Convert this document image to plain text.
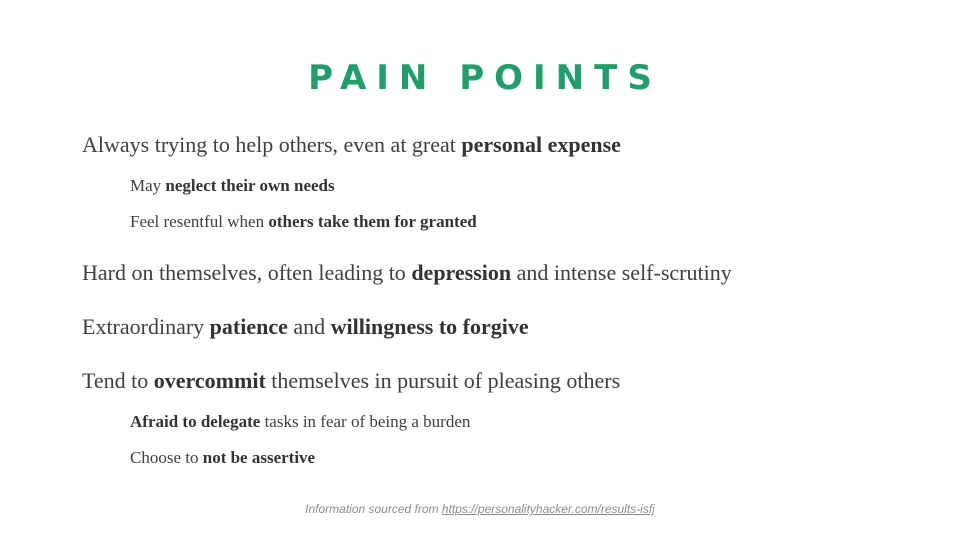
PAIN POINTS

Always trying to help others, even at great personal expense

May neglect their own needs

Feel resentful when others take them for granted

Hard on themselves, often leading to depression and intense self-scrutiny

Extraordinary patience and willingness to forgive

Tend to overcommit themselves in pursuit of pleasing others

Afraid to delegate tasks in fear of being a burden

Choose to not be assertive

Information sourced from https://personalityhacker.com/results-isfj
